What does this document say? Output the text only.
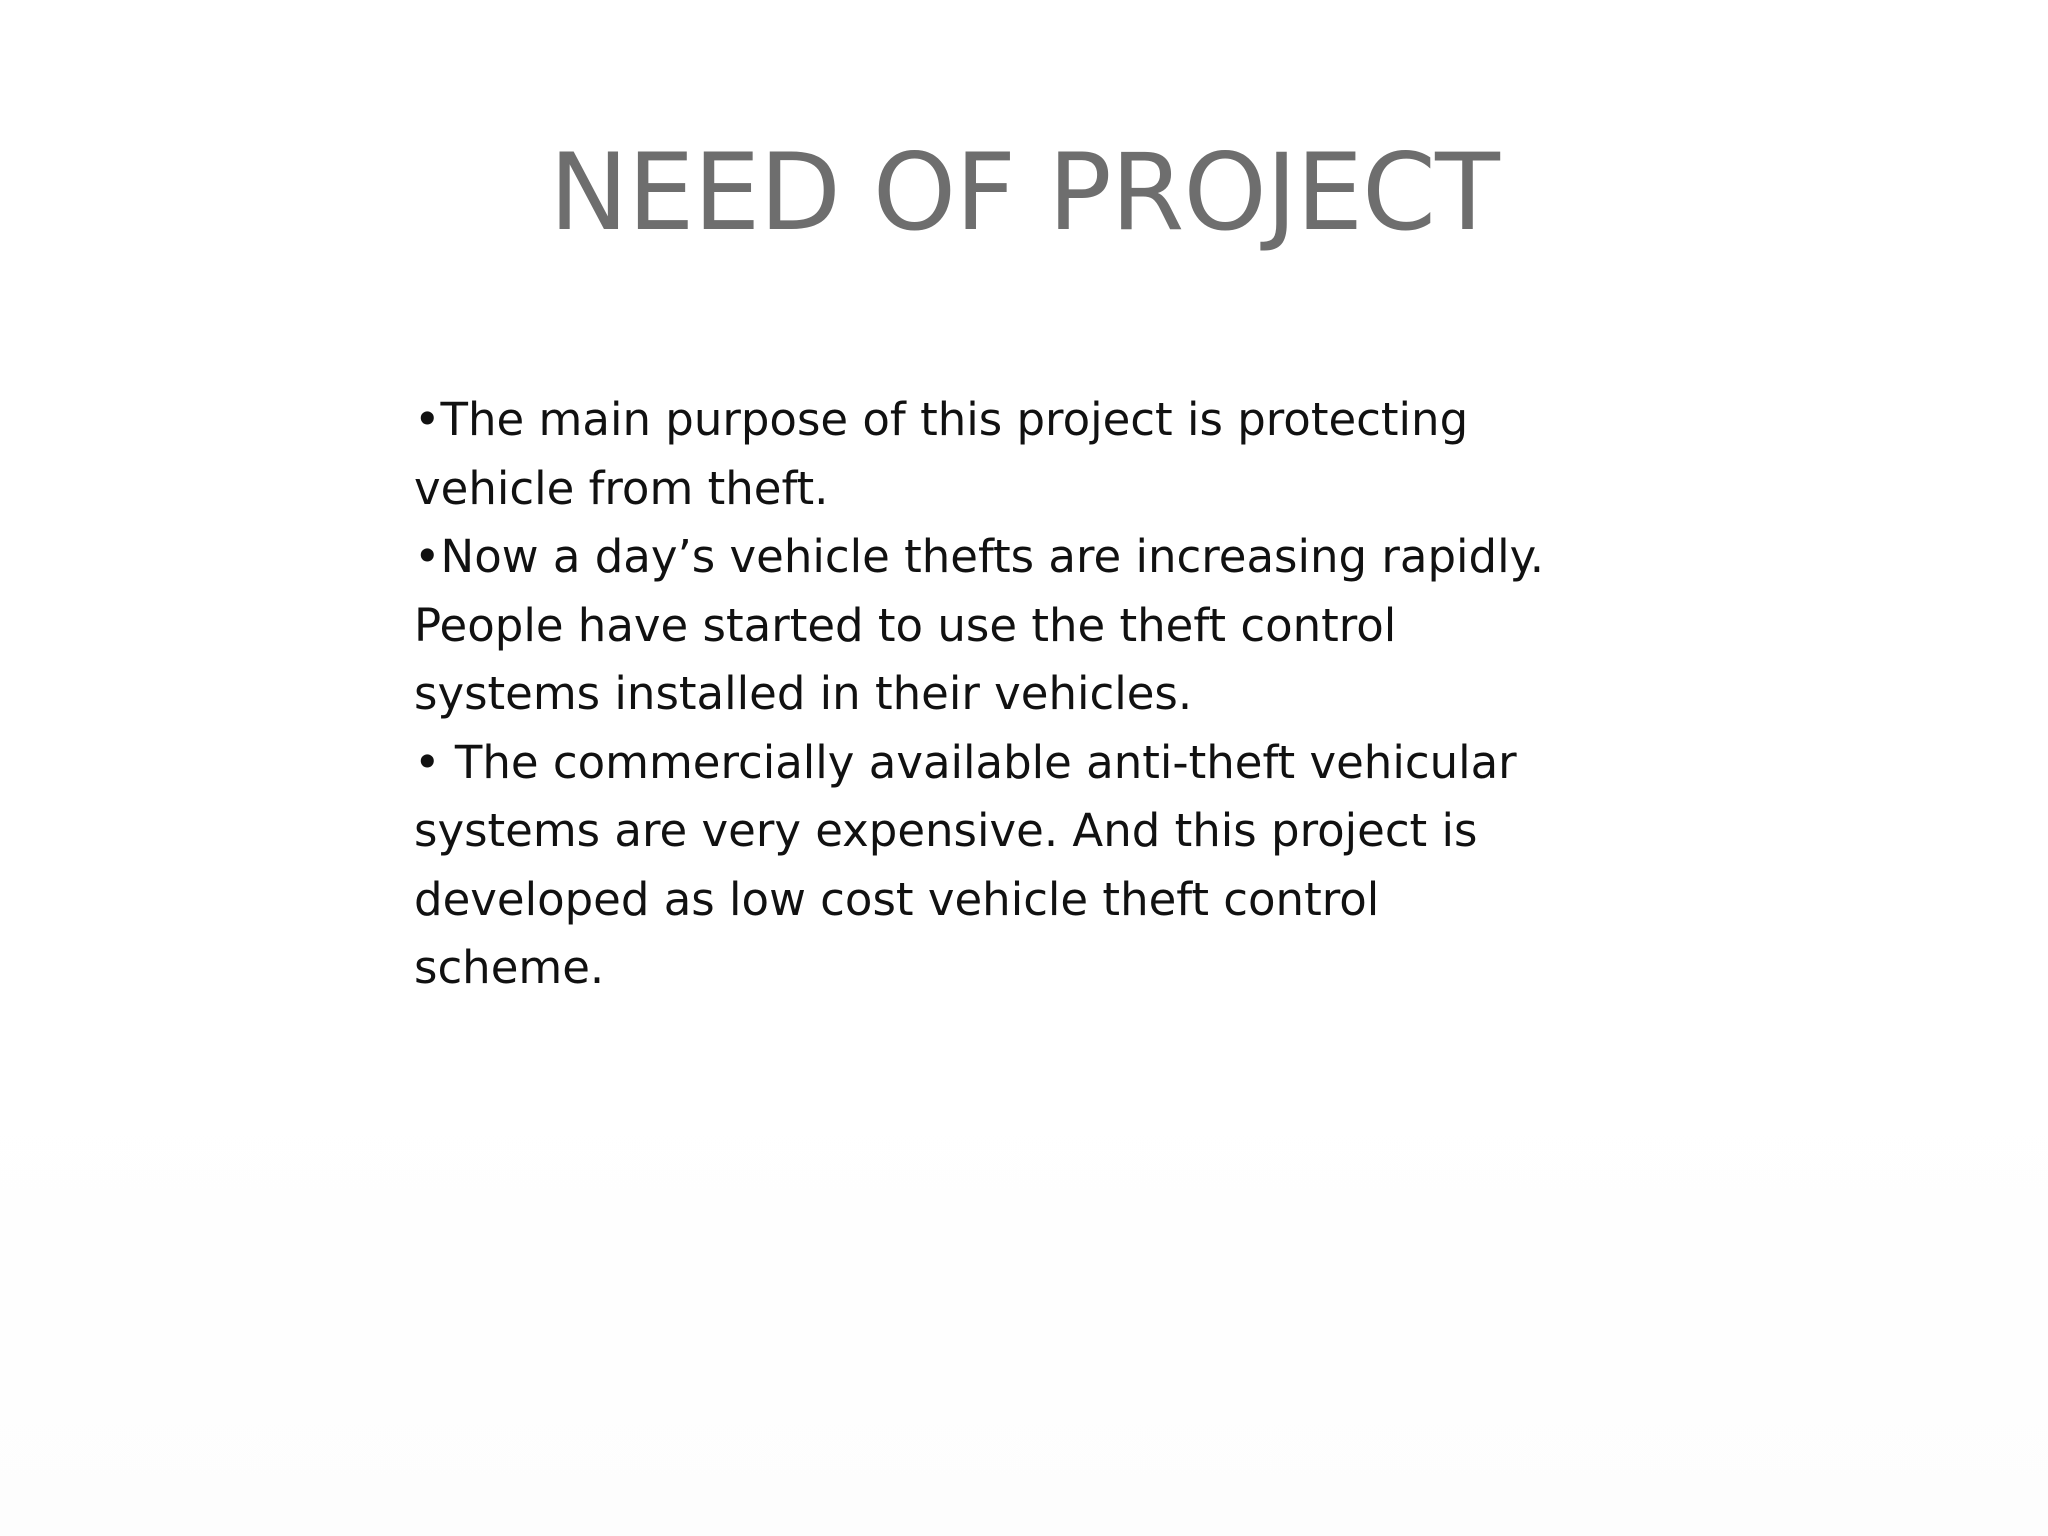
NEED OF PROJECT
•The main purpose of this project is protecting
vehicle from theft.
•Now a day’s vehicle thefts are increasing rapidly.
People have started to use the theft control
systems installed in their vehicles.
• The commercially available anti-theft vehicular
systems are very expensive. And this project is
developed as low cost vehicle theft control
scheme.
